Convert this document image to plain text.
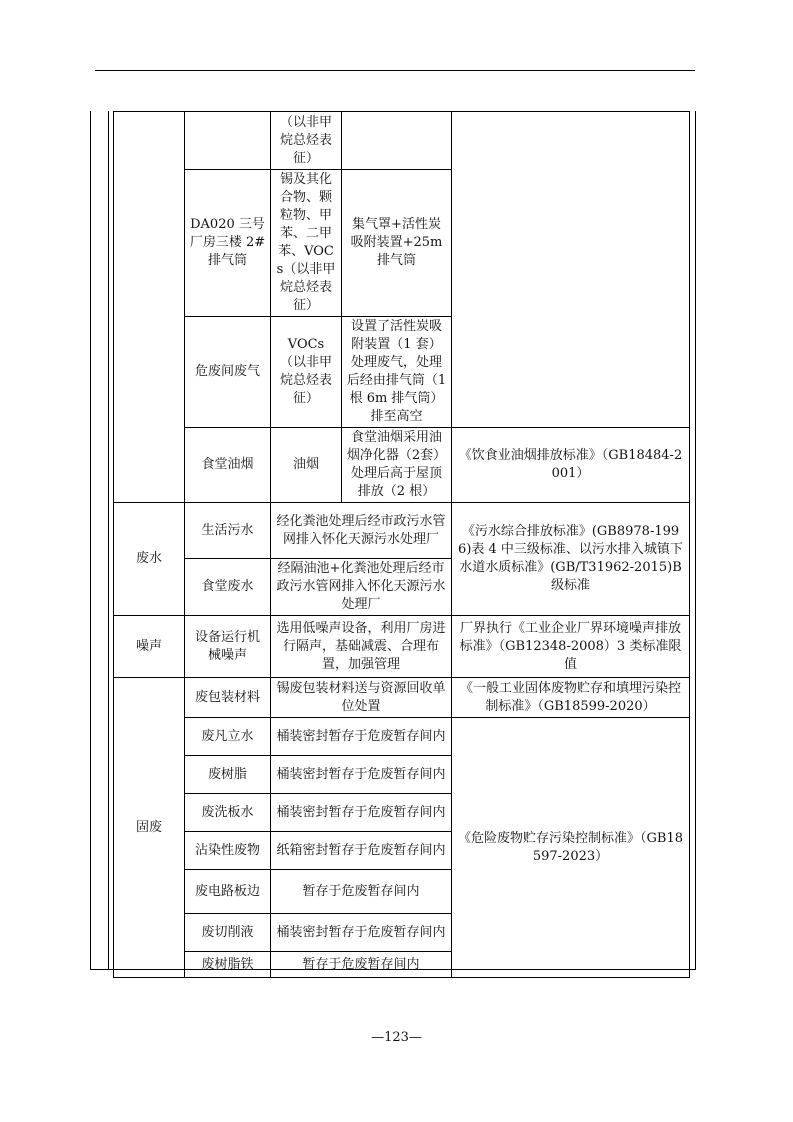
		（以非甲烷总烃表征）		
	DA020 三号厂房三楼 2#排气筒	锡及其化合物、颗粒物、甲苯、二甲苯、VOCs（以非甲烷总烃表征）	集气罩+活性炭吸附装置+25m排气筒	
	危废间废气	VOCs（以非甲烷总烃表征）	设置了活性炭吸附装置（1 套）处理废气，处理后经由排气筒（1 根 6m 排气筒）排至高空	
	食堂油烟	油烟	食堂油烟采用油烟净化器（2套）处理后高于屋顶排放（2 根）	《饮食业油烟排放标准》（GB18484-2001）
废水	生活污水	经化粪池处理后经市政污水管网排入怀化天源污水处理厂		《污水综合排放标准》(GB8978-1996)表 4 中三级标准、以污水排入城镇下水道水质标准》(GB/T31962-2015)B级标准
	食堂废水	经隔油池+化粪池处理后经市政污水管网排入怀化天源污水处理厂		
噪声	设备运行机械噪声	选用低噪声设备，利用厂房进行隔声，基础减震、合理布置，加强管理		厂界执行《工业企业厂界环境噪声排放标准》（GB12348-2008）3 类标准限值
固废	废包装材料	锡废包装材料送与资源回收单位处置		《一般工业固体废物贮存和填埋污染控制标准》（GB18599-2020）
	废凡立水	桶装密封暂存于危废暂存间内		《危险废物贮存污染控制标准》（GB18597-2023）
	废树脂	桶装密封暂存于危废暂存间内		
	废洗板水	桶装密封暂存于危废暂存间内		
	沾染性废物	纸箱密封暂存于危废暂存间内		
	废电路板边	暂存于危废暂存间内		
	废切削液	桶装密封暂存于危废暂存间内		
	废树脂铁	暂存于危废暂存间内		
—123—
